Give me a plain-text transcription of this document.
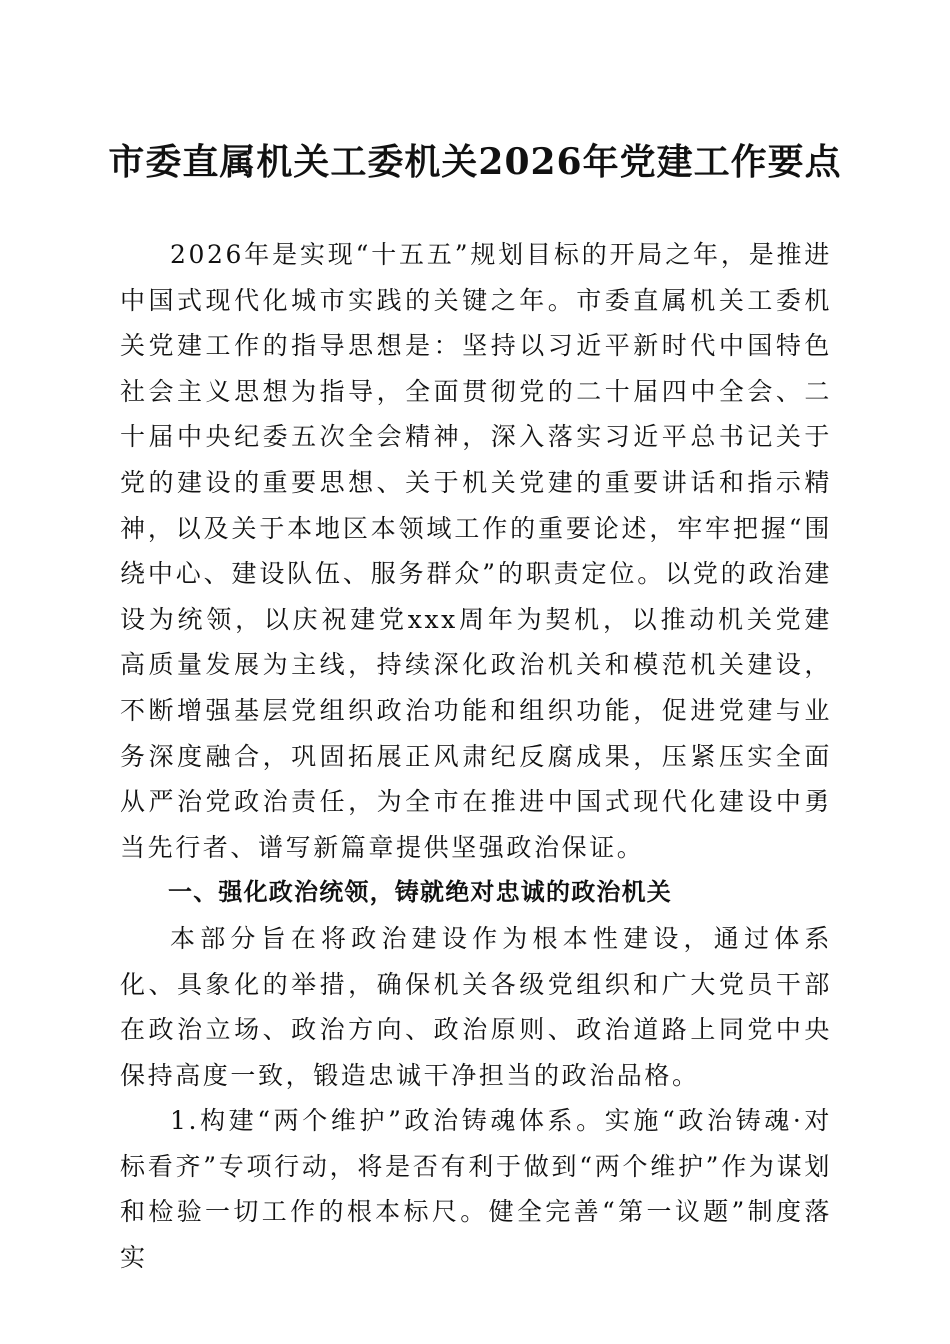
市委直属机关工委机关2026年党建工作要点

2026年是实现“十五五”规划目标的开局之年，是推进中国式现代化城市实践的关键之年。市委直属机关工委机关党建工作的指导思想是：坚持以习近平新时代中国特色社会主义思想为指导，全面贯彻党的二十届四中全会、二十届中央纪委五次全会精神，深入落实习近平总书记关于党的建设的重要思想、关于机关党建的重要讲话和指示精神，以及关于本地区本领域工作的重要论述，牢牢把握“围绕中心、建设队伍、服务群众”的职责定位。以党的政治建设为统领，以庆祝建党xxx周年为契机，以推动机关党建高质量发展为主线，持续深化政治机关和模范机关建设，不断增强基层党组织政治功能和组织功能，促进党建与业务深度融合，巩固拓展正风肃纪反腐成果，压紧压实全面从严治党政治责任，为全市在推进中国式现代化建设中勇当先行者、谱写新篇章提供坚强政治保证。

一、强化政治统领，铸就绝对忠诚的政治机关

本部分旨在将政治建设作为根本性建设，通过体系化、具象化的举措，确保机关各级党组织和广大党员干部在政治立场、政治方向、政治原则、政治道路上同党中央保持高度一致，锻造忠诚干净担当的政治品格。

1.构建“两个维护”政治铸魂体系。实施“政治铸魂·对标看齐”专项行动，将是否有利于做到“两个维护”作为谋划和检验一切工作的根本标尺。健全完善“第一议题”制度落实
